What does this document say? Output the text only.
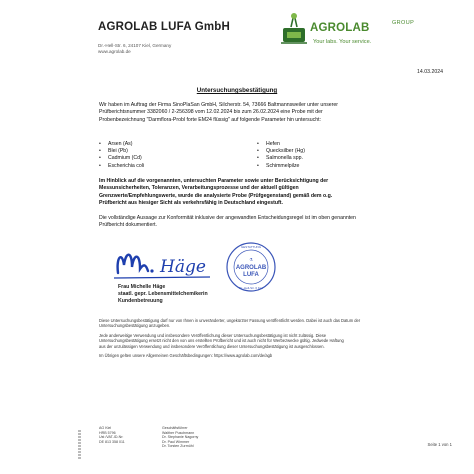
AGROLAB LUFA GmbH
Dr.-Hell-Str. 6, 24107 Kiel, Germany
www.agrolab.de
AGROLAB	GROUP
Your labs. Your service.
14.03.2024
Untersuchungsbestätigung
Wir haben im Auftrag der Firma SinoPlaSan GmbH, Silcherstr. 54, 73666 Baltmannsweiler unter unserer
Prüfberichtsnummer 3382060 / 2-256398 vom 12.02.2024 bis zum 26.02.2024 eine Probe mit der
Probenbezeichnung "Darmflora-Probl forte EM24 flüssig" auf folgende Parameter hin untersucht:
• Arsen (As)
• Blei (Pb)
• Cadmium (Cd)
• Escherichia coli
• Hefen
• Quecksilber (Hg)
• Salmonella spp.
• Schimmelpilze
Im Hinblick auf die vorgenannten, untersuchten Parameter sowie unter Berücksichtigung der
Messunsicherheiten, Toleranzen, Verarbeitungsprozesse und der aktuell gültigen
Grenzwerte/Empfehlungswerte, wurde die analysierte Probe (Prüfgegenstand) gemäß dem o.g.
Prüfbericht aus hiesiger Sicht als verkehrsfähig in Deutschland eingestuft.
Die vollständige Aussage zur Konformität inklusive der angewandten Entscheidungsregel ist im oben genannten
Prüfbericht dokumentiert.
Häge	⚗
AGROLAB
LUFA
GESTATTUNG
Dr.-Hell-Str. 6 Kiel
Frau Michelle Häge
staatl. gepr. Lebensmittelchemikerin
Kundenbetreuung
Diese Untersuchungsbestätigung darf nur von Ihnen in unveränderter, ungekürzter Fassung veröffentlicht werden. Dabei ist auch das Datum der
Untersuchungsbestätigung anzugeben.
Jede anderweitige Verwendung und insbesondere Veröffentlichung dieser Untersuchungsbestätigung ist nicht zulässig. Diese
Untersuchungsbestätigung ersetzt nicht den von uns erstellten Prüfbericht und ist auch nicht für Werbezwecke gültig. Jedwede Haftung
aus der unzulässigen Verwendung und insbesondere Veröffentlichung dieser Untersuchungsbestätigung ist ausgeschlossen.
Im Übrigen gelten unsere Allgemeinen Geschäftsbedingungen: https://www.agrolab.com/de/agb
AG Kiel
HRB 5796
Ust /VAT-ID-Nr:
DE 813 358 011
Geschäftsführer
Walther Puschmann
Dr. Stephanie Nagorny
Dr. Paul Wimmer
Dr. Torsten Zurmühl	Seite 1 von 1
